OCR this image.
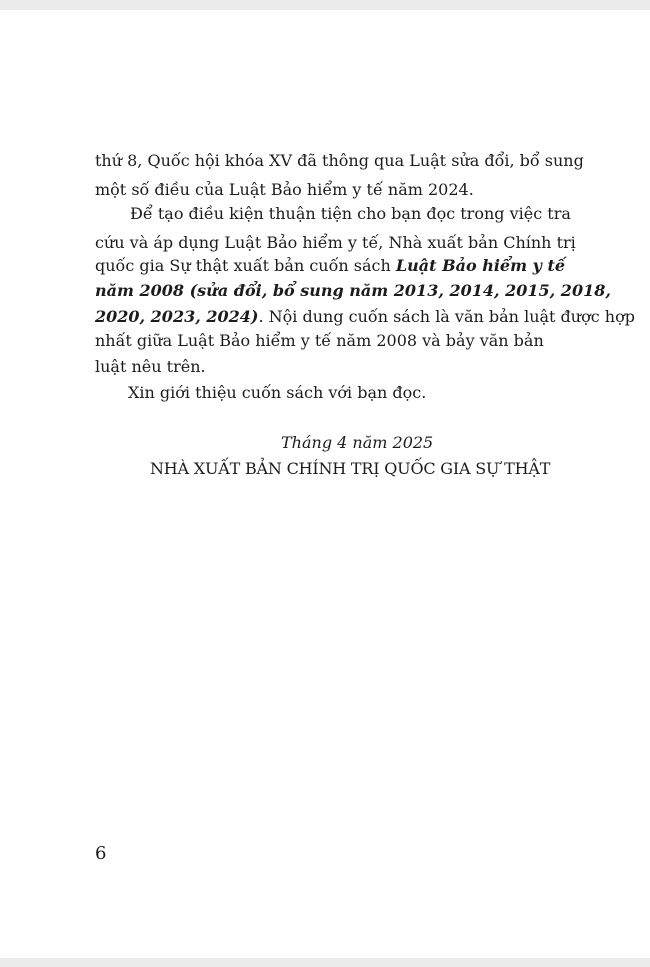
thứ 8, Quốc hội khóa XV đã thông qua Luật sửa đổi, bổ sung
một số điều của Luật Bảo hiểm y tế năm 2024.
Để tạo điều kiện thuận tiện cho bạn đọc trong việc tra
cứu và áp dụng Luật Bảo hiểm y tế, Nhà xuất bản Chính trị
quốc gia Sự thật xuất bản cuốn sách Luật Bảo hiểm y tế
năm 2008 (sửa đổi, bổ sung năm 2013, 2014, 2015, 2018,
2020, 2023, 2024). Nội dung cuốn sách là văn bản luật được hợp
nhất giữa Luật Bảo hiểm y tế năm 2008 và bảy văn bản
luật nêu trên.
Xin giới thiệu cuốn sách với bạn đọc.
Tháng 4 năm 2025
NHÀ XUẤT BẢN CHÍNH TRỊ QUỐC GIA SỰ THẬT
6
